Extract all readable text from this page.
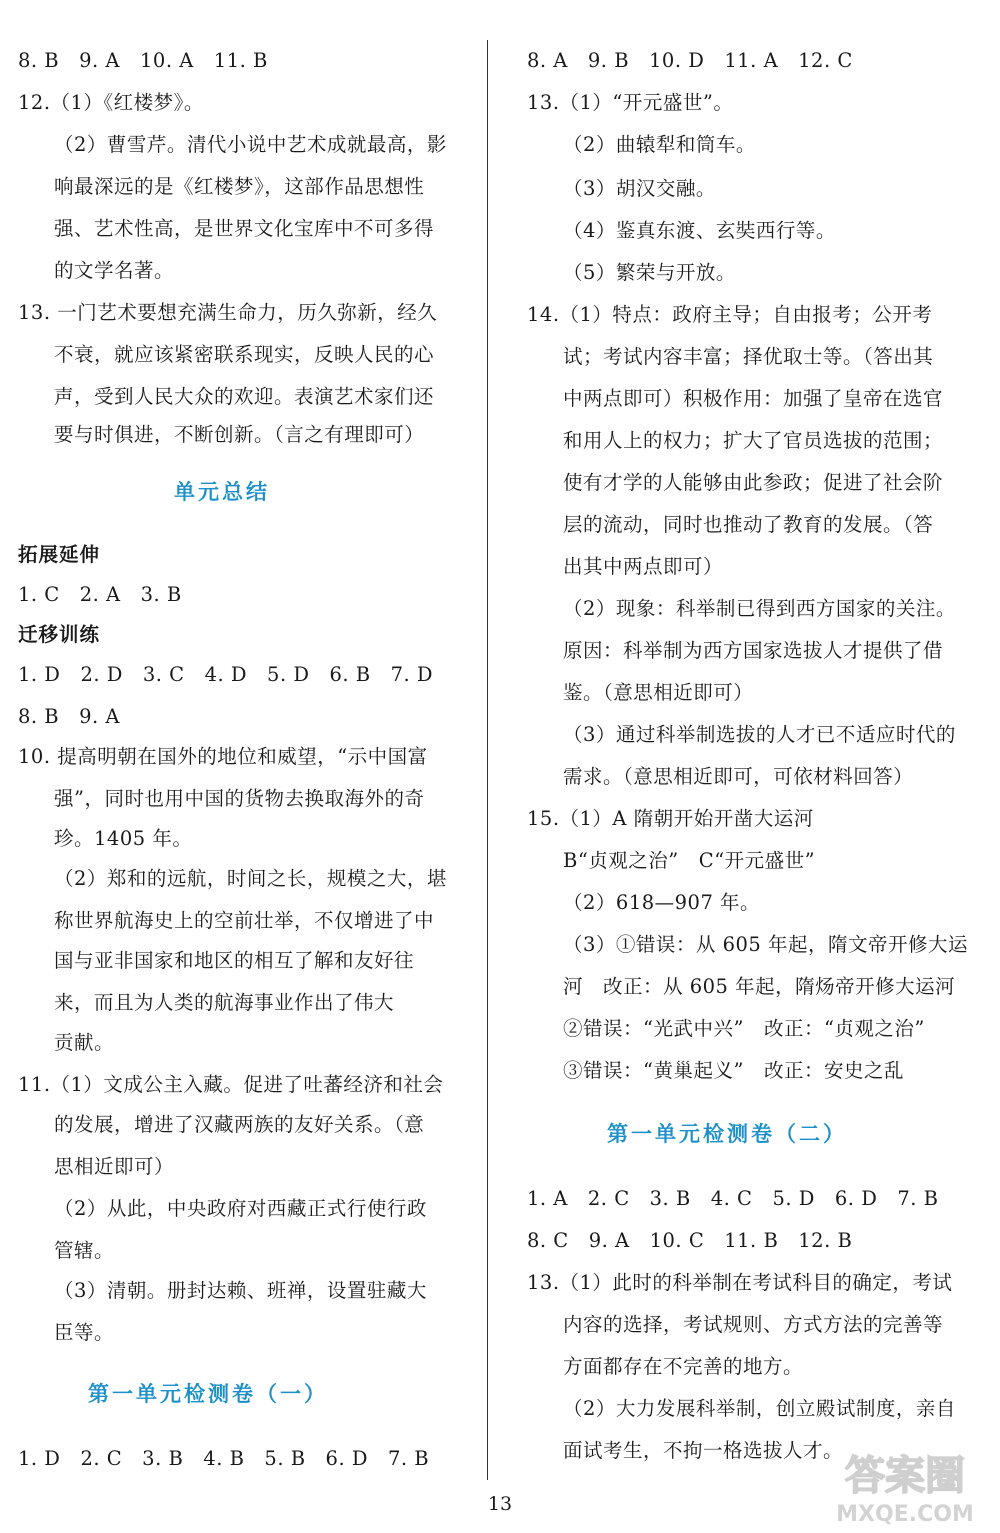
8. B　9. A　10. A　11. B
12.（1）《红楼梦》。
（2）曹雪芹。清代小说中艺术成就最高，影
响最深远的是《红楼梦》，这部作品思想性
强、艺术性高，是世界文化宝库中不可多得
的文学名著。
13. 一门艺术要想充满生命力，历久弥新，经久
不衰，就应该紧密联系现实，反映人民的心
声，受到人民大众的欢迎。表演艺术家们还
要与时俱进，不断创新。（言之有理即可）
拓展延伸
1. C　2. A　3. B
迁移训练
1. D　2. D　3. C　4. D　5. D　6. B　7. D
8. B　9. A
10. 提高明朝在国外的地位和威望，“示中国富
强”，同时也用中国的货物去换取海外的奇
珍。1405 年。
（2）郑和的远航，时间之长，规模之大，堪
称世界航海史上的空前壮举，不仅增进了中
国与亚非国家和地区的相互了解和友好往
来，而且为人类的航海事业作出了伟大
贡献。
11.（1）文成公主入藏。促进了吐蕃经济和社会
的发展，增进了汉藏两族的友好关系。（意
思相近即可）
（2）从此，中央政府对西藏正式行使行政
管辖。
（3）清朝。册封达赖、班禅，设置驻藏大
臣等。
1. D　2. C　3. B　4. B　5. B　6. D　7. B
单元总结
第一单元检测卷（一）
8. A　9. B　10. D　11. A　12. C
13.（1）“开元盛世”。
（2）曲辕犁和筒车。
（3）胡汉交融。
（4）鉴真东渡、玄奘西行等。
（5）繁荣与开放。
14.（1）特点：政府主导；自由报考；公开考
试；考试内容丰富；择优取士等。（答出其
中两点即可）积极作用：加强了皇帝在选官
和用人上的权力；扩大了官员选拔的范围；
使有才学的人能够由此参政；促进了社会阶
层的流动，同时也推动了教育的发展。（答
出其中两点即可）
（2）现象：科举制已得到西方国家的关注。
原因：科举制为西方国家选拔人才提供了借
鉴。（意思相近即可）
（3）通过科举制选拔的人才已不适应时代的
需求。（意思相近即可，可依材料回答）
15.（1）A 隋朝开始开凿大运河
B“贞观之治”　C“开元盛世”
（2）618—907 年。
（3）①错误：从 605 年起，隋文帝开修大运
河　改正：从 605 年起，隋炀帝开修大运河
②错误：“光武中兴”　改正：“贞观之治”
③错误：“黄巢起义”　改正：安史之乱
1. A　2. C　3. B　4. C　5. D　6. D　7. B
8. C　9. A　10. C　11. B　12. B
13.（1）此时的科举制在考试科目的确定，考试
内容的选择，考试规则、方式方法的完善等
方面都存在不完善的地方。
（2）大力发展科举制，创立殿试制度，亲自
面试考生，不拘一格选拔人才。
第一单元检测卷（二）
13
答案圈
MXQE.COM
